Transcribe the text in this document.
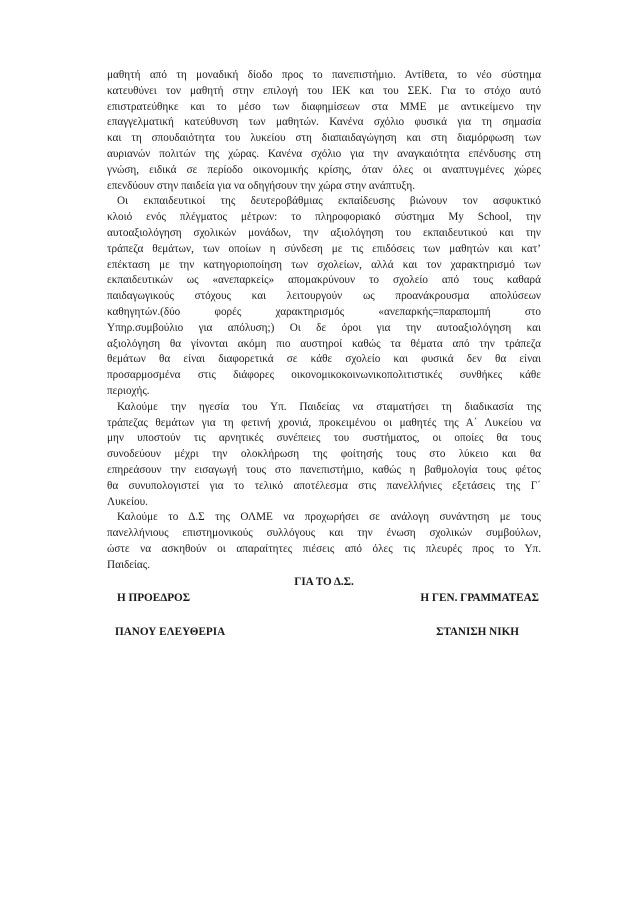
μαθητή από τη μοναδική δίοδο προς το πανεπιστήμιο. Αντίθετα, το νέο σύστημα
κατευθύνει τον μαθητή στην επιλογή του ΙΕΚ και του ΣΕΚ. Για το στόχο αυτό
επιστρατεύθηκε και το μέσο των διαφημίσεων στα ΜΜΕ με αντικείμενο την
επαγγελματική κατεύθυνση των μαθητών. Κανένα σχόλιο φυσικά για τη σημασία
και τη σπουδαιότητα του λυκείου στη διαπαιδαγώγηση και στη διαμόρφωση των
αυριανών πολιτών της χώρας. Κανένα σχόλιο για την αναγκαιότητα επένδυσης στη
γνώση, ειδικά σε περίοδο οικονομικής κρίσης, όταν όλες οι αναπτυγμένες χώρες
επενδύουν στην παιδεία για να οδηγήσουν την χώρα στην ανάπτυξη.
Οι εκπαιδευτικοί της δευτεροβάθμιας εκπαίδευσης βιώνουν τον ασφυκτικό
κλοιό ενός πλέγματος μέτρων: το πληροφοριακό σύστημα My School, την
αυτοαξιολόγηση σχολικών μονάδων, την αξιολόγηση του εκπαιδευτικού και την
τράπεζα θεμάτων, των οποίων η σύνδεση με τις επιδόσεις των μαθητών και κατ’
επέκταση με την κατηγοριοποίηση των σχολείων, αλλά και τον χαρακτηρισμό των
εκπαιδευτικών ως «ανεπαρκείς» απομακρύνουν το σχολείο από τους καθαρά
παιδαγωγικούς στόχους και λειτουργούν ως προανάκρουσμα απολύσεων
καθηγητών.(δύο φορές χαρακτηρισμός «ανεπαρκής=παραπομπή στο
Υπηρ.συμβούλιο για απόλυση;) Οι δε όροι για την αυτοαξιολόγηση και
αξιολόγηση θα γίνονται ακόμη πιο αυστηροί καθώς τα θέματα από την τράπεζα
θεμάτων θα είναι διαφορετικά σε κάθε σχολείο και φυσικά δεν θα είναι
προσαρμοσμένα στις διάφορες οικονομικοκοινωνικοπολιτιστικές συνθήκες κάθε
περιοχής.
Καλούμε την ηγεσία του Υπ. Παιδείας να σταματήσει τη διαδικασία της
τράπεζας θεμάτων για τη φετινή χρονιά, προκειμένου οι μαθητές της Α΄ Λυκείου να
μην υποστούν τις αρνητικές συνέπειες του συστήματος, οι οποίες θα τους
συνοδεύουν μέχρι την ολοκλήρωση της φοίτησής τους στο λύκειο και θα
επηρεάσουν την εισαγωγή τους στο πανεπιστήμιο, καθώς η βαθμολογία τους φέτος
θα συνυπολογιστεί για το τελικό αποτέλεσμα στις πανελλήνιες εξετάσεις της Γ΄
Λυκείου.
Καλούμε το Δ.Σ της ΟΛΜΕ να προχωρήσει σε ανάλογη συνάντηση με τους
πανελλήνιους επιστημονικούς συλλόγους και την ένωση σχολικών συμβούλων,
ώστε να ασκηθούν οι απαραίτητες πιέσεις από όλες τις πλευρές προς το Υπ.
Παιδείας.
ΓΙΑ ΤΟ Δ.Σ.
Η ΠΡΟΕΔΡΟΣ	Η ΓΕΝ. ΓΡΑΜΜΑΤΕΑΣ
ΠΑΝΟΥ ΕΛΕΥΘΕΡΙΑ	ΣΤΑΝΙΣΗ ΝΙΚΗ
